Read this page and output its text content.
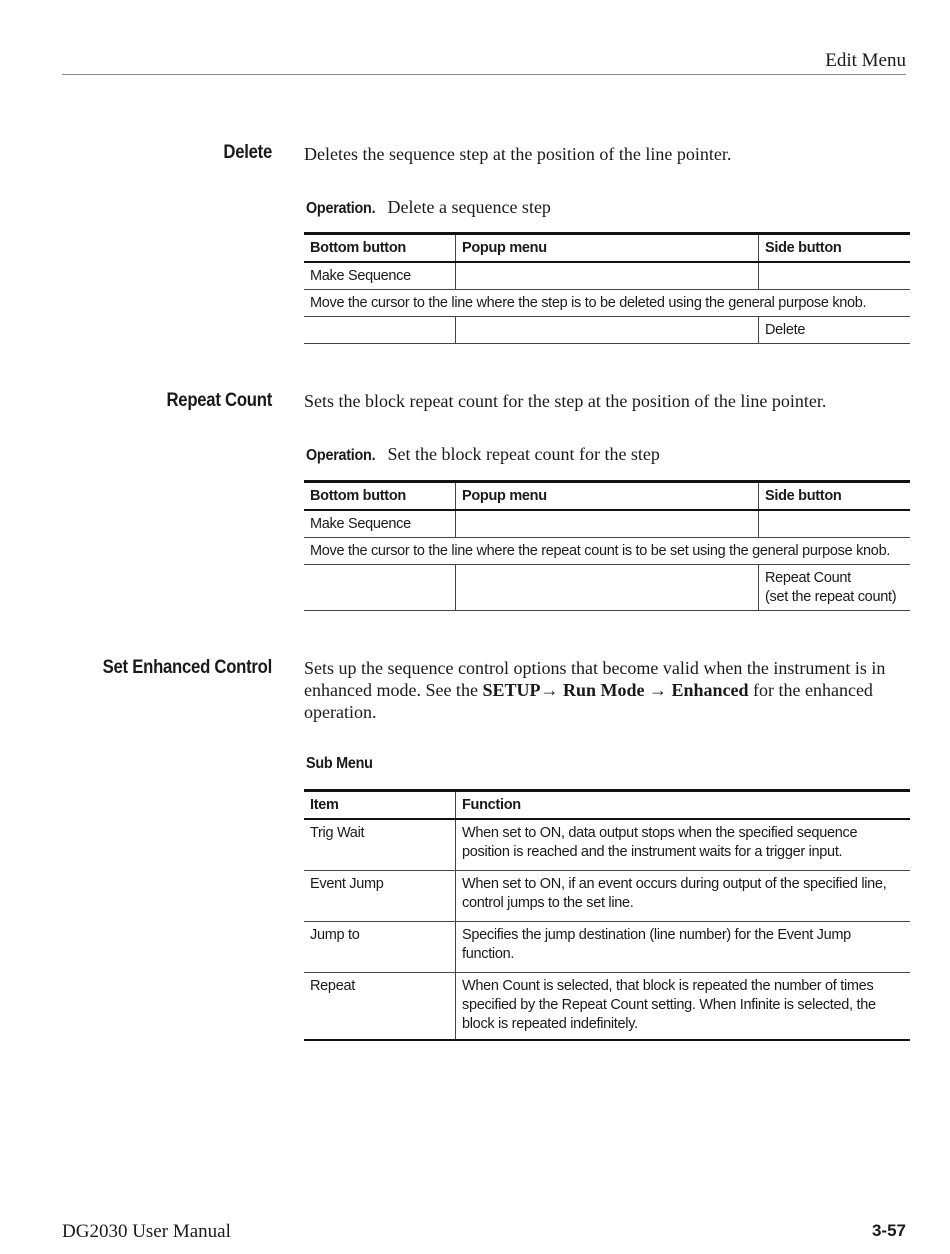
Edit Menu
Delete Deletes the sequence step at the position of the line pointer.
Operation. Delete a sequence step
Bottom button	Popup menu	Side button
Make Sequence		
Move the cursor to the line where the step is to be deleted using the general purpose knob.		
		Delete
Repeat Count Sets the block repeat count for the step at the position of the line pointer.
Operation. Set the block repeat count for the step
Bottom button	Popup menu	Side button
Make Sequence		
Move the cursor to the line where the repeat count is to be set using the general purpose knob.		

		Repeat Count
(set the repeat count)
Set Enhanced Control Sets up the sequence control options that become valid when the instrument is in enhanced mode. See the SETUP→ Run Mode → Enhanced for the enhanced operation.
Sub Menu
Item	Function
Trig Wait	When set to ON, data output stops when the specified sequence position is reached and the instrument waits for a trigger input.
Event Jump	When set to ON, if an event occurs during output of the specified line, control jumps to the set line.
Jump to	Specifies the jump destination (line number) for the Event Jump function.
Repeat	When Count is selected, that block is repeated the number of times specified by the Repeat Count setting. When Infinite is selected, the block is repeated indefinitely.
DG2030 User Manual	3-57
